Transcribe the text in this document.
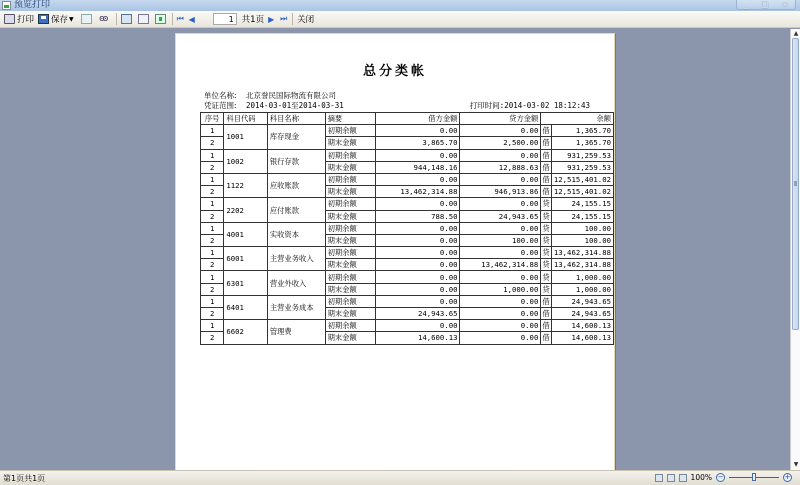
预览打印	_ □ ×
打印 保存 ▼	ꙭ	⏮ ◀	1 共1页 ▶ ⏭ 关闭
总分类帐
单位名称: 北京誉民国际物流有限公司
凭证范围: 2014-03-01至2014-03-31	打印时间:2014-03-02 18:12:43
序号	科目代码	科目名称	摘要	借方金额	贷方金额	余额	
1	1001	库存现金	初期余额	0.00	0.00	借	1,365.70
2			期末金额	3,865.70	2,500.00	借	1,365.70
1	1002	银行存款	初期余额	0.00	0.00	借	931,259.53
2			期末金额	944,148.16	12,888.63	借	931,259.53
1	1122	应收账款	初期余额	0.00	0.00	借	12,515,401.02
2			期末金额	13,462,314.88	946,913.86	借	12,515,401.02
1	2202	应付账款	初期余额	0.00	0.00	贷	24,155.15
2			期末金额	788.50	24,943.65	贷	24,155.15
1	4001	实收资本	初期余额	0.00	0.00	贷	100.00
2			期末金额	0.00	100.00	贷	100.00
1	6001	主营业务收入	初期余额	0.00	0.00	贷	13,462,314.88
2			期末金额	0.00	13,462,314.88	贷	13,462,314.88
1	6301	营业外收入	初期余额	0.00	0.00	贷	1,000.00
2			期末金额	0.00	1,000.00	贷	1,000.00
1	6401	主营业务成本	初期余额	0.00	0.00	借	24,943.65
2			期末金额	24,943.65	0.00	借	24,943.65
1	6602	管理费	初期余额	0.00	0.00	借	14,600.13
2			期末金额	14,600.13	0.00	借	14,600.13
▲
▼
第1页共1页	100% −	+
